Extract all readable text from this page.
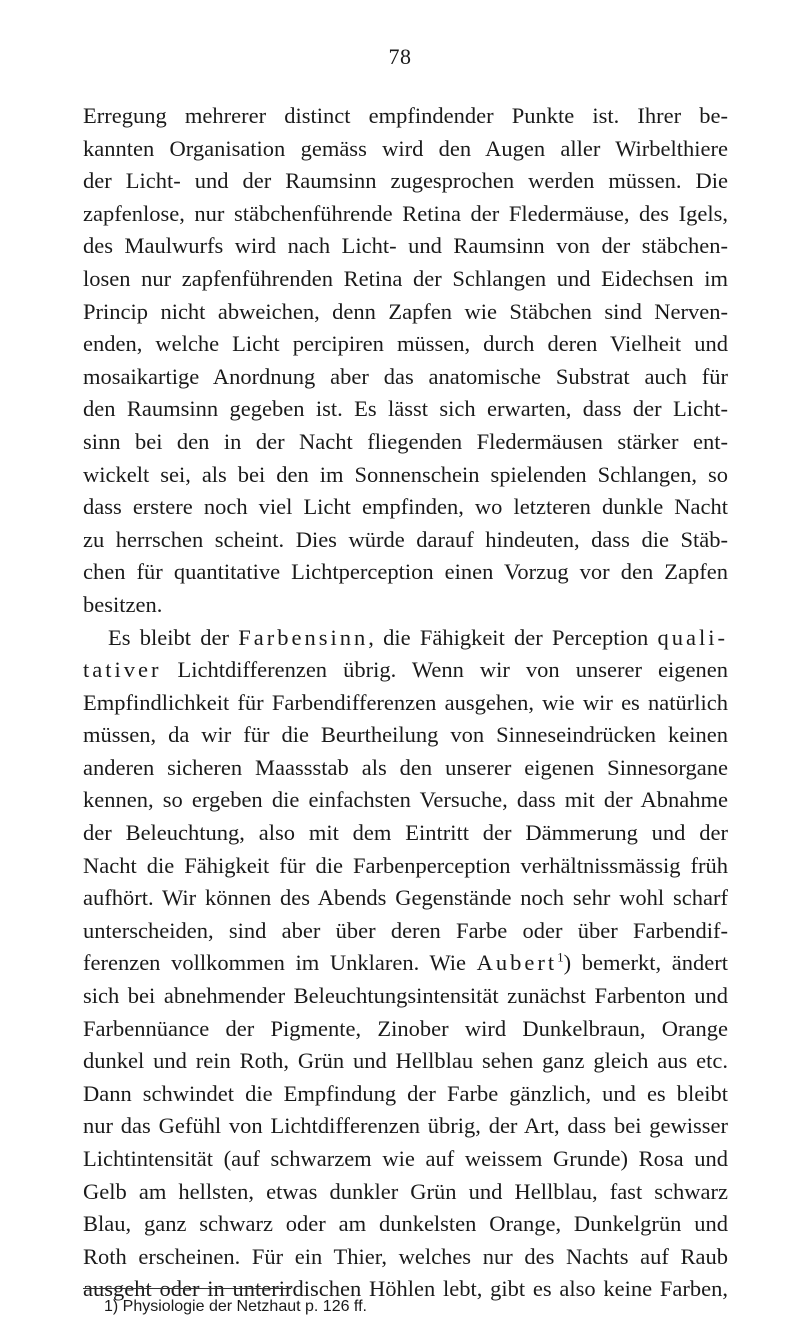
78
Erregung mehrerer distinct empfindender Punkte ist. Ihrer be-
kannten Organisation gemäss wird den Augen aller Wirbelthiere
der Licht- und der Raumsinn zugesprochen werden müssen. Die
zapfenlose, nur stäbchenführende Retina der Fledermäuse, des Igels,
des Maulwurfs wird nach Licht- und Raumsinn von der stäbchen-
losen nur zapfenführenden Retina der Schlangen und Eidechsen im
Princip nicht abweichen, denn Zapfen wie Stäbchen sind Nerven-
enden, welche Licht percipiren müssen, durch deren Vielheit und
mosaikartige Anordnung aber das anatomische Substrat auch für
den Raumsinn gegeben ist. Es lässt sich erwarten, dass der Licht-
sinn bei den in der Nacht fliegenden Fledermäusen stärker ent-
wickelt sei, als bei den im Sonnenschein spielenden Schlangen, so
dass erstere noch viel Licht empfinden, wo letzteren dunkle Nacht
zu herrschen scheint. Dies würde darauf hindeuten, dass die Stäb-
chen für quantitative Lichtperception einen Vorzug vor den Zapfen
besitzen.
Es bleibt der Farbensinn, die Fähigkeit der Perception quali-
tativer Lichtdifferenzen übrig. Wenn wir von unserer eigenen
Empfindlichkeit für Farbendifferenzen ausgehen, wie wir es natürlich
müssen, da wir für die Beurtheilung von Sinneseindrücken keinen
anderen sicheren Maassstab als den unserer eigenen Sinnesorgane
kennen, so ergeben die einfachsten Versuche, dass mit der Abnahme
der Beleuchtung, also mit dem Eintritt der Dämmerung und der
Nacht die Fähigkeit für die Farbenperception verhältnissmässig früh
aufhört. Wir können des Abends Gegenstände noch sehr wohl scharf
unterscheiden, sind aber über deren Farbe oder über Farbendif-
ferenzen vollkommen im Unklaren. Wie Aubert$^1$) bemerkt, ändert
sich bei abnehmender Beleuchtungsintensität zunächst Farbenton und
Farbennüance der Pigmente, Zinober wird Dunkelbraun, Orange
dunkel und rein Roth, Grün und Hellblau sehen ganz gleich aus etc.
Dann schwindet die Empfindung der Farbe gänzlich, und es bleibt
nur das Gefühl von Lichtdifferenzen übrig, der Art, dass bei gewisser
Lichtintensität (auf schwarzem wie auf weissem Grunde) Rosa und
Gelb am hellsten, etwas dunkler Grün und Hellblau, fast schwarz
Blau, ganz schwarz oder am dunkelsten Orange, Dunkelgrün und
Roth erscheinen. Für ein Thier, welches nur des Nachts auf Raub
ausgeht oder in unterirdischen Höhlen lebt, gibt es also keine Farben,
1) Physiologie der Netzhaut p. 126 ff.
